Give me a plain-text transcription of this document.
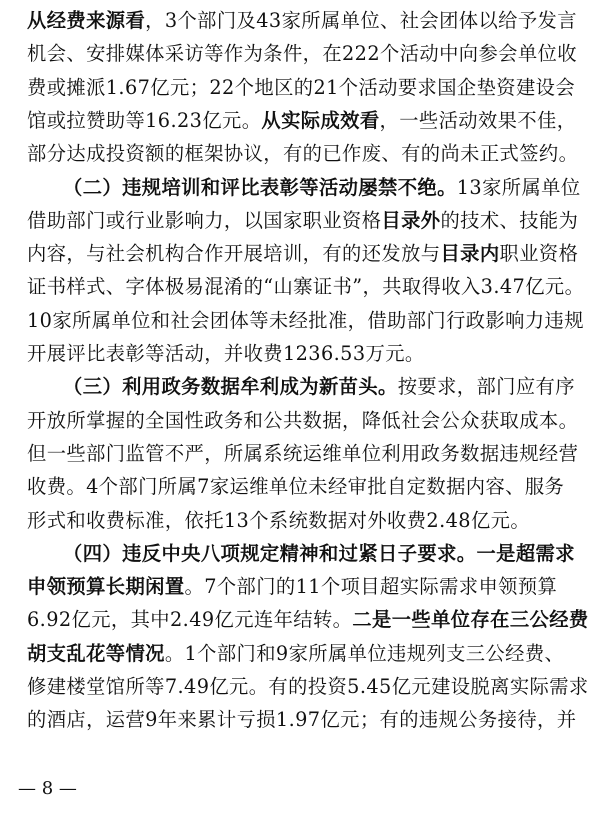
从 经 费 来 源 看 ， 3 个 部 门 及 4 3 家 所 属 单 位 、 社 会 团 体 以 给 予 发 言
机 会 、 安 排 媒 体 采 访 等 作 为 条 件 ， 在 2 2 2 个 活 动 中 向 参 会 单 位 收
费 或 摊 派 1 . 6 7 亿 元 ； 2 2 个 地 区 的 2 1 个 活 动 要 求 国 企 垫 资 建 设 会
馆 或 拉 赞 助 等 1 6 . 2 3 亿 元 。 从 实 际 成 效 看 ， 一 些 活 动 效 果 不 佳 ，
部 分 达 成 投 资 额 的 框 架 协 议 ， 有 的 已 作 废 、 有 的 尚 未 正 式 签 约 。
（ 二 ） 违 规 培 训 和 评 比 表 彰 等 活 动 屡 禁 不 绝 。 1 3 家 所 属 单 位
借 助 部 门 或 行 业 影 响 力 ， 以 国 家 职 业 资 格 目 录 外 的 技 术 、 技 能 为
内 容 ， 与 社 会 机 构 合 作 开 展 培 训 ， 有 的 还 发 放 与 目 录 内 职 业 资 格
证 书 样 式 、 字 体 极 易 混 淆 的 “ 山 寨 证 书 ” ， 共 取 得 收 入 3 . 4 7 亿 元 。
1 0 家 所 属 单 位 和 社 会 团 体 等 未 经 批 准 ， 借 助 部 门 行 政 影 响 力 违 规
开 展 评 比 表 彰 等 活 动 ， 并 收 费 1 2 3 6 . 5 3 万 元 。
（ 三 ） 利 用 政 务 数 据 牟 利 成 为 新 苗 头 。 按 要 求 ， 部 门 应 有 序
开 放 所 掌 握 的 全 国 性 政 务 和 公 共 数 据 ， 降 低 社 会 公 众 获 取 成 本 。
但 一 些 部 门 监 管 不 严 ， 所 属 系 统 运 维 单 位 利 用 政 务 数 据 违 规 经 营
收 费 。 4 个 部 门 所 属 7 家 运 维 单 位 未 经 审 批 自 定 数 据 内 容 、 服 务
形 式 和 收 费 标 准 ， 依 托 1 3 个 系 统 数 据 对 外 收 费 2 . 4 8 亿 元 。
（ 四 ） 违 反 中 央 八 项 规 定 精 神 和 过 紧 日 子 要 求 。 一 是 超 需 求
申 领 预 算 长 期 闲 置 。 7 个 部 门 的 1 1 个 项 目 超 实 际 需 求 申 领 预 算
6 . 9 2 亿 元 ， 其 中 2 . 4 9 亿 元 连 年 结 转 。 二 是 一 些 单 位 存 在 三 公 经 费
胡 支 乱 花 等 情 况 。 1 个 部 门 和 9 家 所 属 单 位 违 规 列 支 三 公 经 费 、
修 建 楼 堂 馆 所 等 7 . 4 9 亿 元 。 有 的 投 资 5 . 4 5 亿 元 建 设 脱 离 实 际 需 求
的 酒 店 ， 运 营 9 年 来 累 计 亏 损 1 . 9 7 亿 元 ； 有 的 违 规 公 务 接 待 ， 并
— 8 —
